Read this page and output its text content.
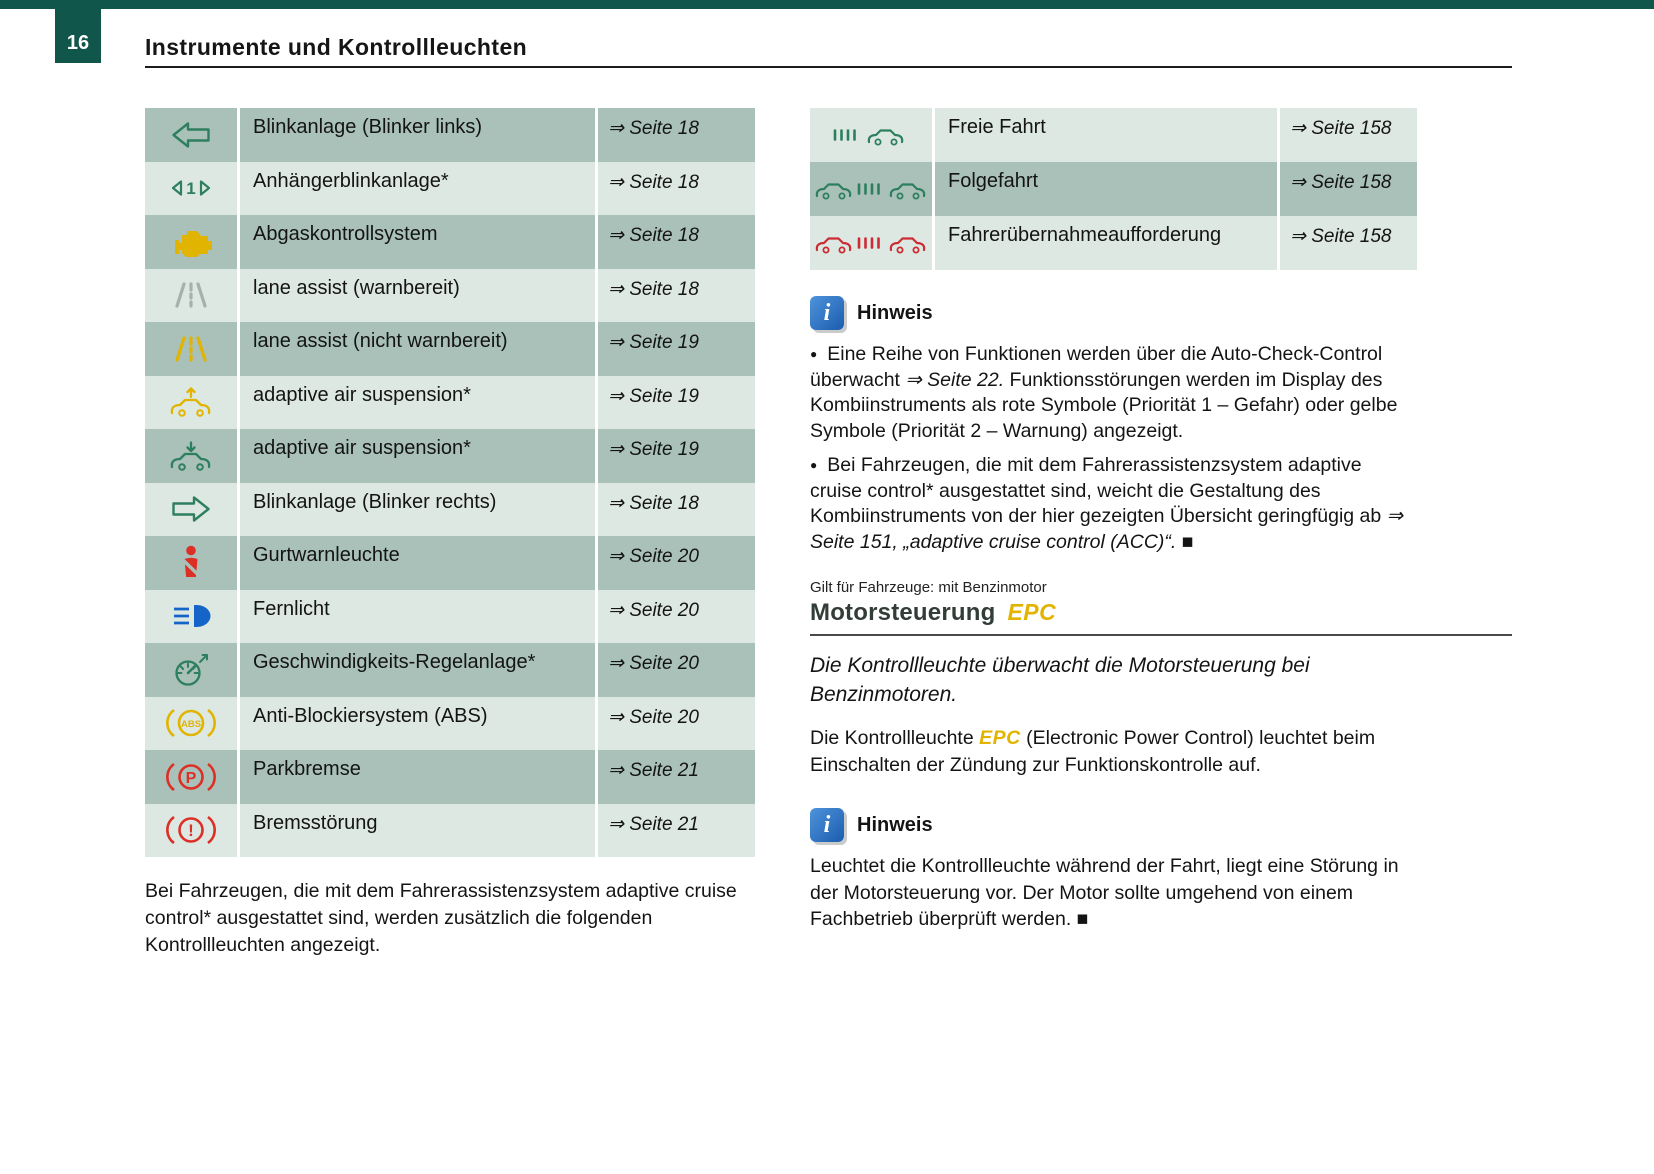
16	Instrumente und Kontrollleuchten
Blinkanlage (Blinker links)	⇒ Seite 18
1	Anhängerblinkanlage*	⇒ Seite 18
Abgaskontrollsystem	⇒ Seite 18
lane assist (warnbereit)	⇒ Seite 18
lane assist (nicht warnbereit)	⇒ Seite 19
adaptive air suspension*	⇒ Seite 19
adaptive air suspension*	⇒ Seite 19
Blinkanlage (Blinker rechts)	⇒ Seite 18
Gurtwarnleuchte	⇒ Seite 20
Fernlicht	⇒ Seite 20
Geschwindigkeits-Regelanlage*	⇒ Seite 20
ABS	Anti-Blockiersystem (ABS)	⇒ Seite 20
P	Parkbremse	⇒ Seite 21
!	Bremsstörung	⇒ Seite 21
Freie Fahrt	⇒ Seite 158
Folgefahrt	⇒ Seite 158
Fahrerübernahmeaufforderung	⇒ Seite 158

Bei Fahrzeugen, die mit dem Fahrerassistenzsystem adaptive cruise control* ausgestattet sind, werden zusätzlich die folgenden Kontrollleuchten angezeigt.

i	Hinweis

● Eine Reihe von Funktionen werden über die Auto-Check-Control überwacht ⇒ Seite 22. Funktionsstörungen werden im Display des Kombiinstruments als rote Symbole (Priorität 1 – Gefahr) oder gelbe Symbole (Priorität 2 – Warnung) angezeigt.

● Bei Fahrzeugen, die mit dem Fahrerassistenzsystem adaptive cruise control* ausgestattet sind, weicht die Gestaltung des Kombiinstruments von der hier gezeigten Übersicht geringfügig ab ⇒ Seite 151, „adaptive cruise control (ACC)“. ■

Gilt für Fahrzeuge: mit Benzinmotor
Motorsteuerung EPC

Die Kontrollleuchte überwacht die Motorsteuerung bei Benzinmotoren.

Die Kontrollleuchte EPC (Electronic Power Control) leuchtet beim Einschalten der Zündung zur Funktionskontrolle auf.

i	Hinweis

Leuchtet die Kontrollleuchte während der Fahrt, liegt eine Störung in der Motorsteuerung vor. Der Motor sollte umgehend von einem Fachbetrieb überprüft werden. ■
